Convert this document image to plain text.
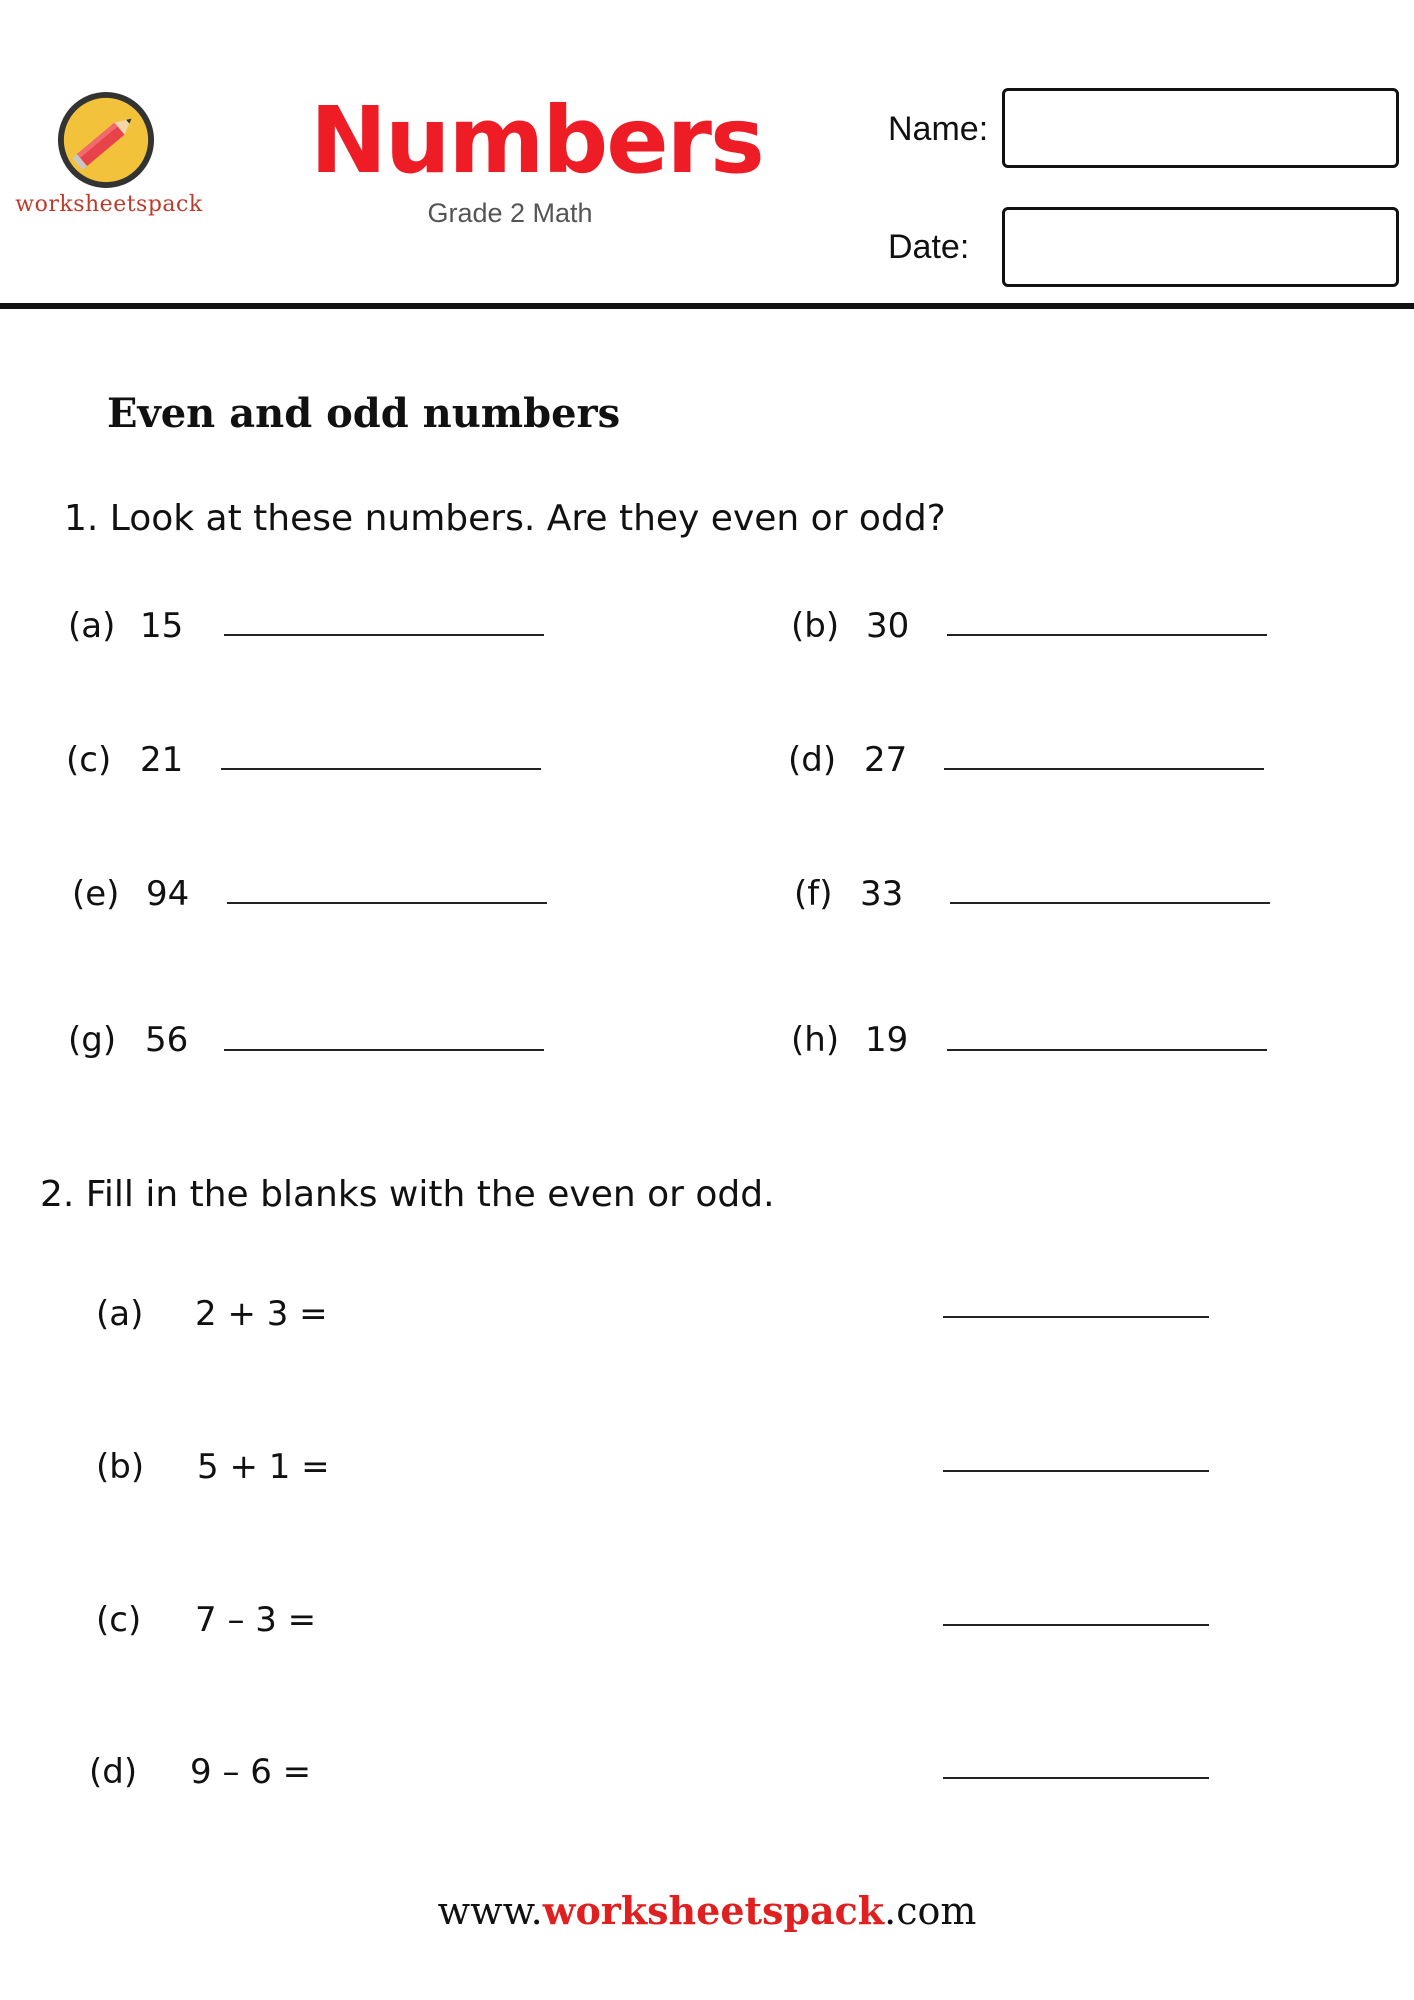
worksheetspack
Numbers
Grade 2 Math
Name:
Date:
Even and odd numbers
1. Look at these numbers. Are they even or odd?
(a) 15
(c) 21
(e) 94
(g) 56
(b) 30
(d) 27
(f) 33
(h) 19
2. Fill in the blanks with the even or odd.
(a) 2 + 3 =
(b) 5 + 1 =
(c) 7 – 3 =
(d) 9 – 6 =
www.worksheetspack.com
